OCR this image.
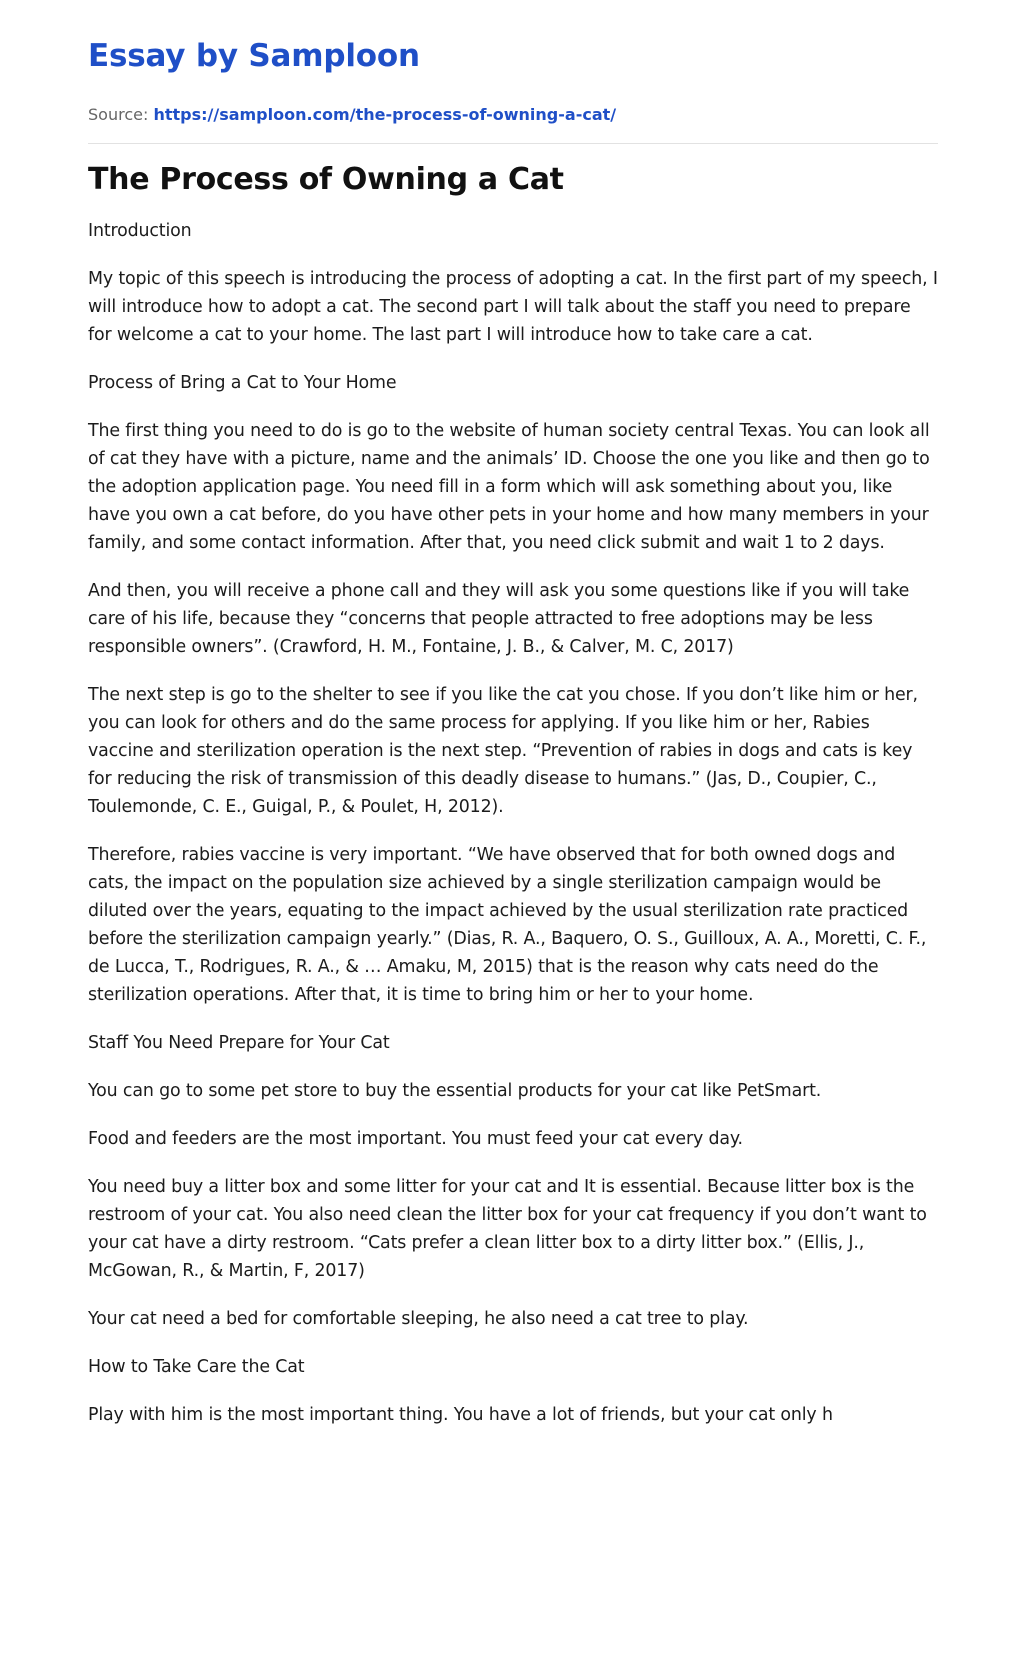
Essay by Samploon
Source: https://samploon.com/the-process-of-owning-a-cat/
The Process of Owning a Cat

Introduction

My topic of this speech is introducing the process of adopting a cat. In the first part of my speech, I will introduce how to adopt a cat. The second part I will talk about the staff you need to prepare for welcome a cat to your home. The last part I will introduce how to take care a cat.

Process of Bring a Cat to Your Home

The first thing you need to do is go to the website of human society central Texas. You can look all of cat they have with a picture, name and the animals’ ID. Choose the one you like and then go to the adoption application page. You need fill in a form which will ask something about you, like have you own a cat before, do you have other pets in your home and how many members in your family, and some contact information. After that, you need click submit and wait 1 to 2 days.

And then, you will receive a phone call and they will ask you some questions like if you will take care of his life, because they “concerns that people attracted to free adoptions may be less responsible owners”. (Crawford, H. M., Fontaine, J. B., & Calver, M. C, 2017)

The next step is go to the shelter to see if you like the cat you chose. If you don’t like him or her, you can look for others and do the same process for applying. If you like him or her, Rabies vaccine and sterilization operation is the next step. “Prevention of rabies in dogs and cats is key for reducing the risk of transmission of this deadly disease to humans.” (Jas, D., Coupier, C., Toulemonde, C. E., Guigal, P., & Poulet, H, 2012).

Therefore, rabies vaccine is very important. “We have observed that for both owned dogs and cats, the impact on the population size achieved by a single sterilization campaign would be diluted over the years, equating to the impact achieved by the usual sterilization rate practiced before the sterilization campaign yearly.” (Dias, R. A., Baquero, O. S., Guilloux, A. A., Moretti, C. F., de Lucca, T., Rodrigues, R. A., & … Amaku, M, 2015) that is the reason why cats need do the sterilization operations. After that, it is time to bring him or her to your home.

Staff You Need Prepare for Your Cat

You can go to some pet store to buy the essential products for your cat like PetSmart.

Food and feeders are the most important. You must feed your cat every day.

You need buy a litter box and some litter for your cat and It is essential. Because litter box is the restroom of your cat. You also need clean the litter box for your cat frequency if you don’t want to your cat have a dirty restroom. “Cats prefer a clean litter box to a dirty litter box.” (Ellis, J., McGowan, R., & Martin, F, 2017)

Your cat need a bed for comfortable sleeping, he also need a cat tree to play.

How to Take Care the Cat

Play with him is the most important thing. You have a lot of friends, but your cat only h
